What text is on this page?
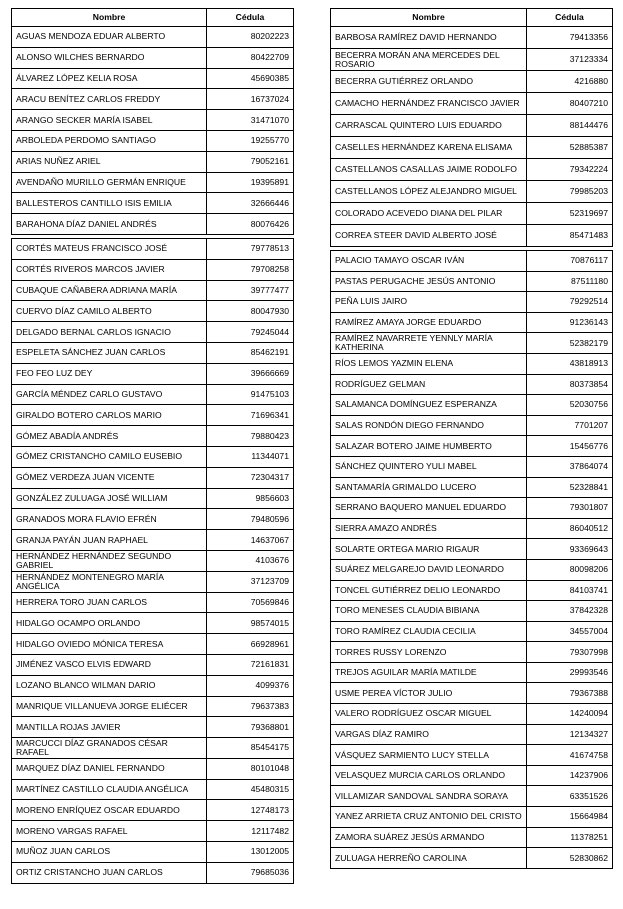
Nombre	Cédula
AGUAS MENDOZA EDUAR ALBERTO	80202223
ALONSO WILCHES BERNARDO	80422709
ÁLVAREZ LÓPEZ KELIA ROSA	45690385
ARACU BENÍTEZ CARLOS FREDDY	16737024
ARANGO SECKER MARÍA ISABEL	31471070
ARBOLEDA PERDOMO SANTIAGO	19255770
ARIAS NUÑEZ ARIEL	79052161
AVENDAÑO MURILLO GERMÁN ENRIQUE	19395891
BALLESTEROS CANTILLO ISIS EMILIA	32666446
BARAHONA DÍAZ DANIEL ANDRÉS	80076426

CORTÉS MATEUS FRANCISCO JOSÉ	79778513
CORTÉS RIVEROS MARCOS JAVIER	79708258
CUBAQUE CAÑABERA ADRIANA MARÍA	39777477
CUERVO DÍAZ CAMILO ALBERTO	80047930
DELGADO BERNAL CARLOS IGNACIO	79245044
ESPELETA SÁNCHEZ JUAN CARLOS	85462191
FEO FEO LUZ DEY	39666669
GARCÍA MÉNDEZ CARLO GUSTAVO	91475103
GIRALDO BOTERO CARLOS MARIO	71696341
GÓMEZ ABADÍA ANDRÉS	79880423
GÓMEZ CRISTANCHO CAMILO EUSEBIO	11344071
GÓMEZ VERDEZA JUAN VICENTE	72304317
GONZÁLEZ ZULUAGA JOSÉ WILLIAM	9856603
GRANADOS MORA FLAVIO EFRÉN	79480596
GRANJA PAYÁN JUAN RAPHAEL	14637067
HERNÁNDEZ HERNÁNDEZ SEGUNDO GABRIEL	4103676
HERNÁNDEZ MONTENEGRO MARÍA ANGÉLICA	37123709
HERRERA TORO JUAN CARLOS	70569846
HIDALGO OCAMPO ORLANDO	98574015
HIDALGO OVIEDO MÓNICA TERESA	66928961
JIMÉNEZ VASCO ELVIS EDWARD	72161831
LOZANO BLANCO WILMAN DARIO	4099376
MANRIQUE VILLANUEVA JORGE ELIÉCER	79637383
MANTILLA ROJAS JAVIER	79368801
MARCUCCI DÍAZ GRANADOS CÉSAR RAFAEL	85454175
MARQUEZ DÍAZ DANIEL FERNANDO	80101048
MARTÍNEZ CASTILLO CLAUDIA ANGÉLICA	45480315
MORENO ENRÍQUEZ OSCAR EDUARDO	12748173
MORENO VARGAS RAFAEL	12117482
MUÑOZ JUAN CARLOS	13012005
ORTIZ CRISTANCHO JUAN CARLOS	79685036
Nombre	Cédula
BARBOSA RAMÍREZ DAVID HERNANDO	79413356
BECERRA MORÁN ANA MERCEDES DEL ROSARIO	37123334
BECERRA GUTIÉRREZ ORLANDO	4216880
CAMACHO HERNÁNDEZ FRANCISCO JAVIER	80407210
CARRASCAL QUINTERO LUIS EDUARDO	88144476
CASELLES HERNÁNDEZ KARENA ELISAMA	52885387
CASTELLANOS CASALLAS JAIME RODOLFO	79342224
CASTELLANOS LÓPEZ ALEJANDRO MIGUEL	79985203
COLORADO ACEVEDO DIANA DEL PILAR	52319697
CORREA STEER DAVID ALBERTO JOSÉ	85471483

PALACIO TAMAYO OSCAR IVÁN	70876117
PASTAS PERUGACHE JESÚS ANTONIO	87511180
PEÑA LUIS JAIRO	79292514
RAMÍREZ AMAYA JORGE EDUARDO	91236143
RAMÍREZ NAVARRETE YENNLY MARÍA KATHERINA	52382179
RÍOS LEMOS YAZMIN ELENA	43818913
RODRÍGUEZ GELMAN	80373854
SALAMANCA DOMÍNGUEZ ESPERANZA	52030756
SALAS RONDÓN DIEGO FERNANDO	7701207
SALAZAR BOTERO JAIME HUMBERTO	15456776
SÁNCHEZ QUINTERO YULI MABEL	37864074
SANTAMARÍA GRIMALDO LUCERO	52328841
SERRANO BAQUERO MANUEL EDUARDO	79301807
SIERRA AMAZO ANDRÉS	86040512
SOLARTE ORTEGA MARIO RIGAUR	93369643
SUÁREZ MELGAREJO DAVID LEONARDO	80098206
TONCEL GUTIÉRREZ DELIO LEONARDO	84103741
TORO MENESES CLAUDIA BIBIANA	37842328
TORO RAMÍREZ CLAUDIA CECILIA	34557004
TORRES RUSSY LORENZO	79307998
TREJOS AGUILAR MARÍA MATILDE	29993546
USME PEREA VÍCTOR JULIO	79367388
VALERO RODRÍGUEZ OSCAR MIGUEL	14240094
VARGAS DÍAZ RAMIRO	12134327
VÁSQUEZ SARMIENTO LUCY STELLA	41674758
VELASQUEZ MURCIA CARLOS ORLANDO	14237906
VILLAMIZAR SANDOVAL SANDRA SORAYA	63351526
YANEZ ARRIETA CRUZ ANTONIO DEL CRISTO	15664984
ZAMORA SUÁREZ JESÚS ARMANDO	11378251
ZULUAGA HERREÑO CAROLINA	52830862
